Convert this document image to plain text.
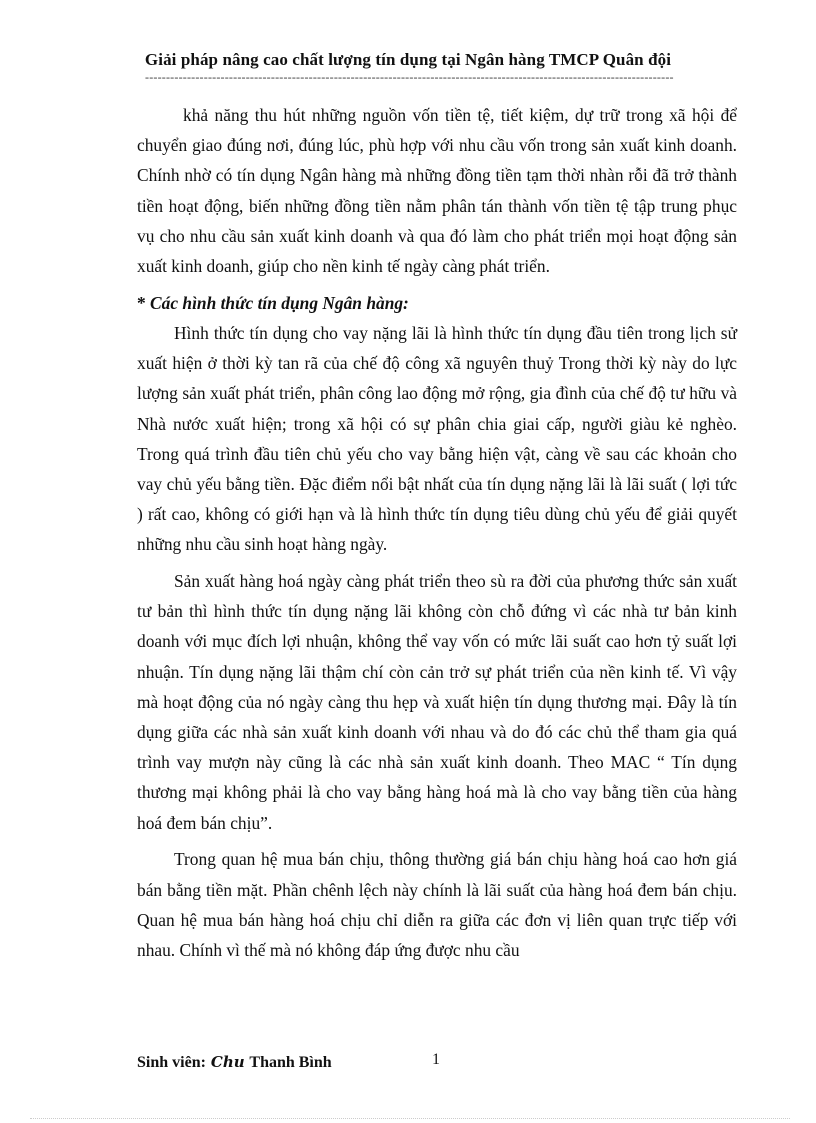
Giải pháp nâng cao chất lượng tín dụng tại Ngân hàng TMCP Quân đội
------------------------------------------------------------------------------------------------------------------------------

khả năng thu hút những nguồn vốn tiền tệ, tiết kiệm, dự trữ trong xã hội để chuyển giao đúng nơi, đúng lúc, phù hợp với nhu cầu vốn trong sản xuất kinh doanh. Chính nhờ có tín dụng Ngân hàng mà những đồng tiền tạm thời nhàn rỗi đã trở thành tiền hoạt động, biến những đồng tiền nằm phân tán thành vốn tiền tệ tập trung phục vụ cho nhu cầu sản xuất kinh doanh và qua đó làm cho phát triển mọi hoạt động sản xuất kinh doanh, giúp cho nền kinh tế ngày càng phát triển.

* Các hình thức tín dụng Ngân hàng:

Hình thức tín dụng cho vay nặng lãi là hình thức tín dụng đầu tiên trong lịch sử xuất hiện ở thời kỳ tan rã của chế độ công xã nguyên thuỷ Trong thời kỳ này do lực lượng sản xuất phát triển, phân công lao động mở rộng, gia đình của chế độ tư hữu và Nhà nước xuất hiện; trong xã hội có sự phân chia giai cấp, người giàu kẻ nghèo. Trong quá trình đầu tiên chủ yếu cho vay bằng hiện vật, càng về sau các khoản cho vay chủ yếu bằng tiền. Đặc điểm nổi bật nhất của tín dụng nặng lãi là lãi suất ( lợi tức ) rất cao, không có giới hạn và là hình thức tín dụng tiêu dùng chủ yếu để giải quyết những nhu cầu sinh hoạt hàng ngày.

Sản xuất hàng hoá ngày càng phát triển theo sù ra đời của phương thức sản xuất tư bản thì hình thức tín dụng nặng lãi không còn chỗ đứng vì các nhà tư bản kinh doanh với mục đích lợi nhuận, không thể vay vốn có mức lãi suất cao hơn tỷ suất lợi nhuận. Tín dụng nặng lãi thậm chí còn cản trở sự phát triển của nền kinh tế. Vì vậy mà hoạt động của nó ngày càng thu hẹp và xuất hiện tín dụng thương mại. Đây là tín dụng giữa các nhà sản xuất kinh doanh với nhau và do đó các chủ thể tham gia quá trình vay mượn này cũng là các nhà sản xuất kinh doanh. Theo MAC “ Tín dụng thương mại không phải là cho vay bằng hàng hoá mà là cho vay bằng tiền của hàng hoá đem bán chịu”.

Trong quan hệ mua bán chịu, thông thường giá bán chịu hàng hoá cao hơn giá bán bằng tiền mặt. Phần chênh lệch này chính là lãi suất của hàng hoá đem bán chịu. Quan hệ mua bán hàng hoá chịu chỉ diễn ra giữa các đơn vị liên quan trực tiếp với nhau. Chính vì thế mà nó không đáp ứng được nhu cầu

Sinh viên: Chu Thanh Bình	1
